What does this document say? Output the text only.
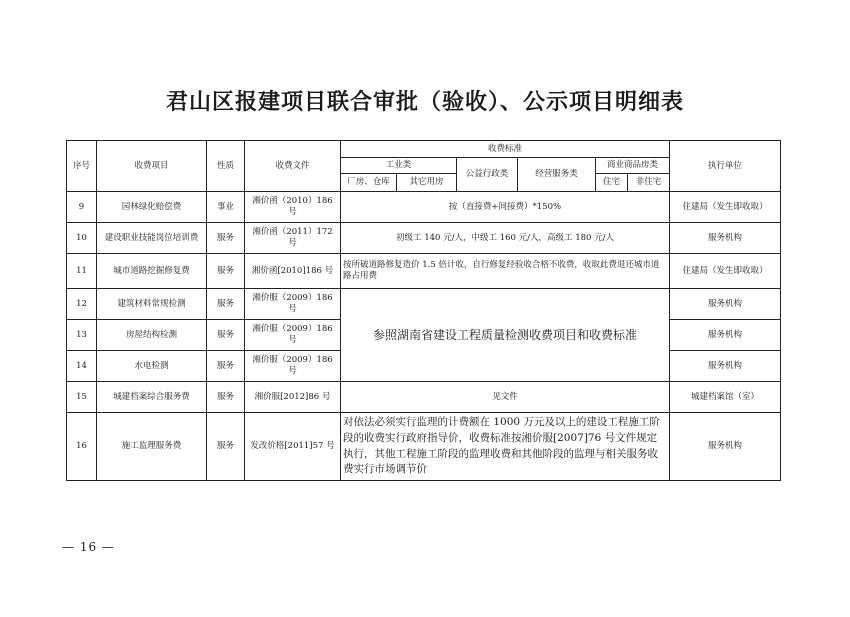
君山区报建项目联合审批（验收）、公示项目明细表
序号	收费项目	性质	收费文件	收费标准						执行单位
				工业类		公益行政类	经营服务类	商业商品房类		
				厂房、仓库	其它用房			住宅	非住宅	
9	园林绿化赔偿费	事业	湘价函（2010）186 号	按（直接费+间接费）*150%						住建局（发生即收取）
10	建设职业技能岗位培训费	服务	湘价函（2011）172 号	初级工 140 元/人，中级工 160 元/人，高级工 180 元/人						服务机构
11	城市道路挖掘修复费	服务	湘价函[2010]186 号	按所破道路修复造价 1.5 倍计收，自行修复经验收合格不收费，收取此费退还城市道路占用费						住建局（发生即收取）
12	建筑材料常规检测	服务	湘价服（2009）186 号	参照湖南省建设工程质量检测收费项目和收费标准						服务机构
13	房屋结构检测	服务	湘价服（2009）186 号							服务机构
14	水电检测	服务	湘价服（2009）186 号							服务机构
15	城建档案综合服务费	服务	湘价服[2012]86 号	见文件						城建档案馆（室）
16	施工监理服务费	服务	发改价格[2011]57 号	对依法必须实行监理的计费额在 1000 万元及以上的建设工程施工阶段的收费实行政府指导价，收费标准按湘价服[2007]76 号文件规定执行，其他工程施工阶段的监理收费和其他阶段的监理与相关服务收费实行市场调节价						服务机构
— 16 —
